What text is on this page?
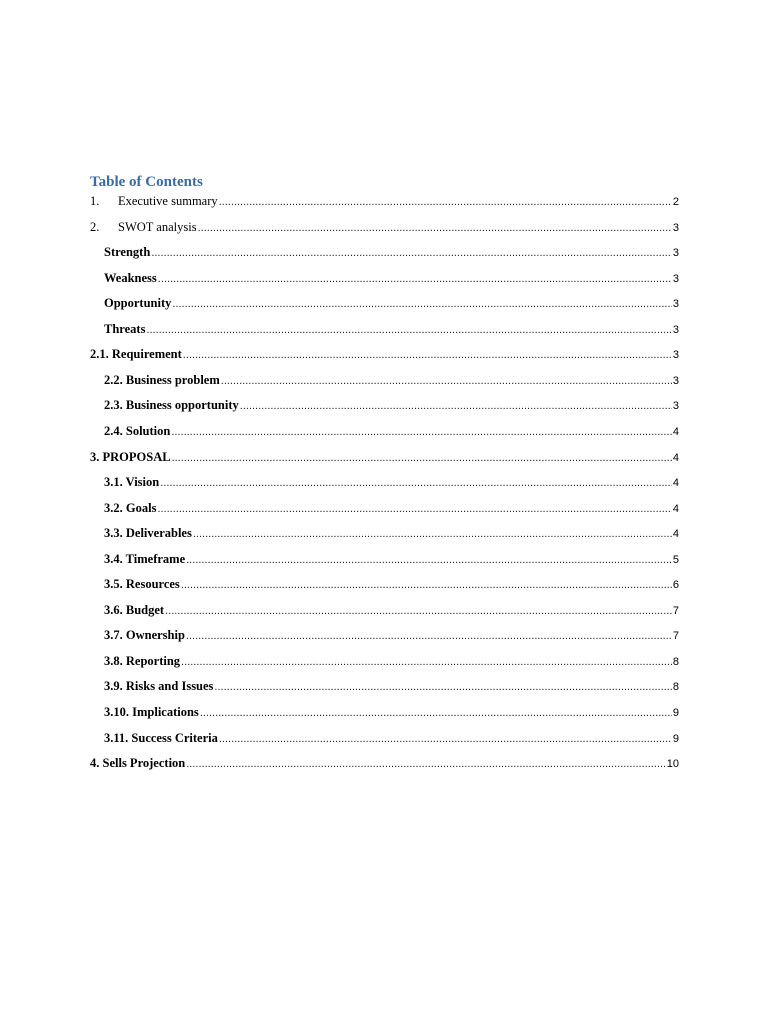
Table of Contents
1.	Executive summary .....	2
2.	SWOT analysis .....	3
Strength .....	3
Weakness .....	3
Opportunity .....	3
Threats .....	3
2.1. Requirement .....	3
2.2. Business problem .....	3
2.3. Business opportunity .....	3
2.4. Solution .....	4
3. PROPOSAL .....	4
3.1. Vision .....	4
3.2. Goals .....	4
3.3. Deliverables .....	4
3.4. Timeframe .....	5
3.5. Resources .....	6
3.6. Budget .....	7
3.7. Ownership .....	7
3.8. Reporting .....	8
3.9. Risks and Issues .....	8
3.10. Implications .....	9
3.11. Success Criteria .....	9
4. Sells Projection .....	10
